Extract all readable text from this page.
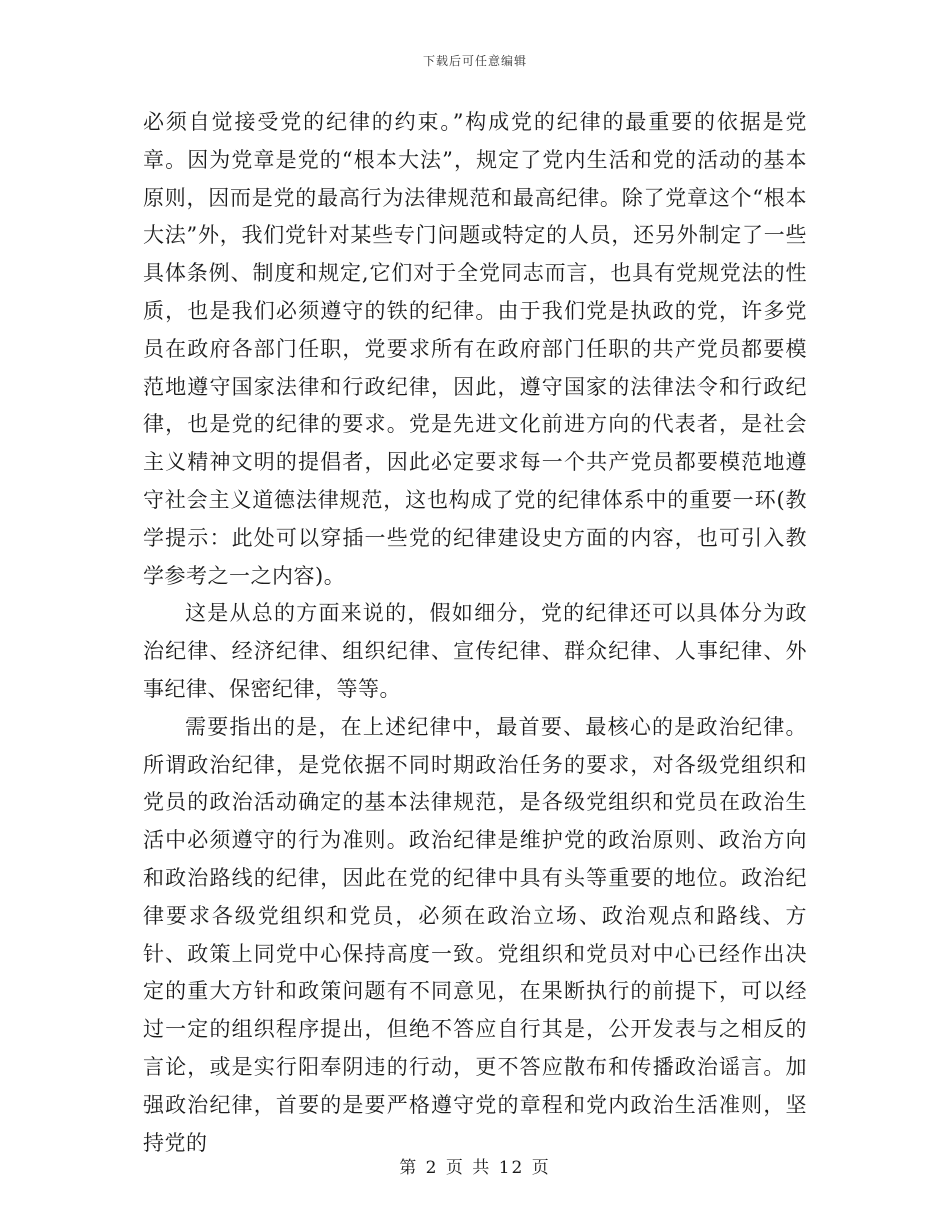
下载后可任意编辑

必须自觉接受党的纪律的约束。”构成党的纪律的最重要的依据是党章。因为党章是党的“根本大法”，规定了党内生活和党的活动的基本原则，因而是党的最高行为法律规范和最高纪律。除了党章这个“根本大法”外，我们党针对某些专门问题或特定的人员，还另外制定了一些具体条例、制度和规定,它们对于全党同志而言，也具有党规党法的性质，也是我们必须遵守的铁的纪律。由于我们党是执政的党，许多党员在政府各部门任职，党要求所有在政府部门任职的共产党员都要模范地遵守国家法律和行政纪律，因此，遵守国家的法律法令和行政纪律，也是党的纪律的要求。党是先进文化前进方向的代表者，是社会主义精神文明的提倡者，因此必定要求每一个共产党员都要模范地遵守社会主义道德法律规范，这也构成了党的纪律体系中的重要一环(教学提示：此处可以穿插一些党的纪律建设史方面的内容，也可引入教学参考之一之内容)。

这是从总的方面来说的，假如细分，党的纪律还可以具体分为政治纪律、经济纪律、组织纪律、宣传纪律、群众纪律、人事纪律、外事纪律、保密纪律，等等。

需要指出的是，在上述纪律中，最首要、最核心的是政治纪律。所谓政治纪律，是党依据不同时期政治任务的要求，对各级党组织和党员的政治活动确定的基本法律规范，是各级党组织和党员在政治生活中必须遵守的行为准则。政治纪律是维护党的政治原则、政治方向和政治路线的纪律，因此在党的纪律中具有头等重要的地位。政治纪律要求各级党组织和党员，必须在政治立场、政治观点和路线、方针、政策上同党中心保持高度一致。党组织和党员对中心已经作出决定的重大方针和政策问题有不同意见，在果断执行的前提下，可以经过一定的组织程序提出，但绝不答应自行其是，公开发表与之相反的言论，或是实行阳奉阴违的行动，更不答应散布和传播政治谣言。加强政治纪律，首要的是要严格遵守党的章程和党内政治生活准则，坚持党的

第 2 页 共 12 页
